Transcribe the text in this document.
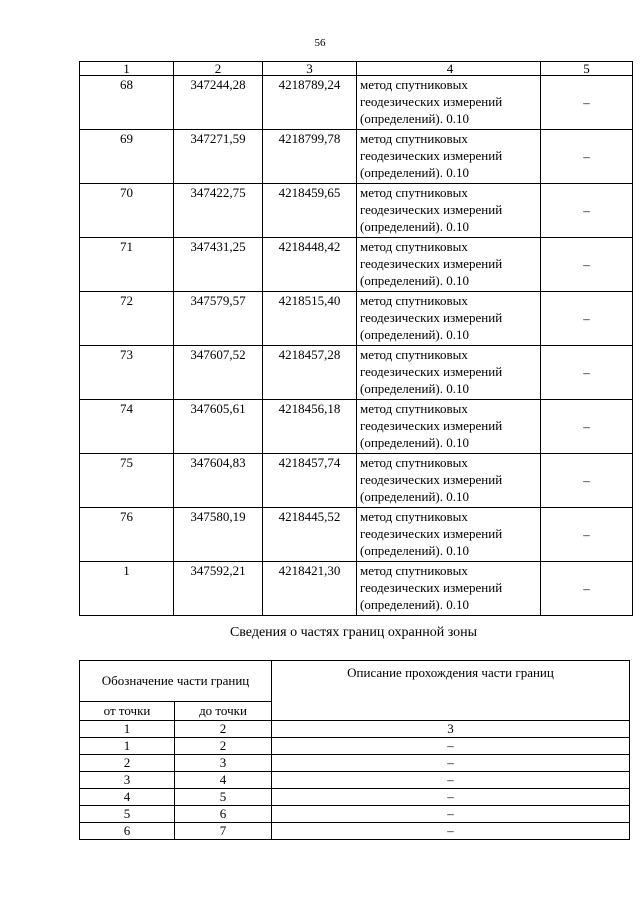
56
1	2	3	4	5
68	347244,28	4218789,24	метод спутниковых
геодезических измерений
(определений). 0.10	–
69	347271,59	4218799,78	метод спутниковых
геодезических измерений
(определений). 0.10	–
70	347422,75	4218459,65	метод спутниковых
геодезических измерений
(определений). 0.10	–
71	347431,25	4218448,42	метод спутниковых
геодезических измерений
(определений). 0.10	–
72	347579,57	4218515,40	метод спутниковых
геодезических измерений
(определений). 0.10	–
73	347607,52	4218457,28	метод спутниковых
геодезических измерений
(определений). 0.10	–
74	347605,61	4218456,18	метод спутниковых
геодезических измерений
(определений). 0.10	–
75	347604,83	4218457,74	метод спутниковых
геодезических измерений
(определений). 0.10	–
76	347580,19	4218445,52	метод спутниковых
геодезических измерений
(определений). 0.10	–
1	347592,21	4218421,30	метод спутниковых
геодезических измерений
(определений). 0.10	–
Сведения о частях границ охранной зоны
Обозначение части границ		Описание прохождения части границ
от точки	до точки	
1	2	3
1	2	–
2	3	–
3	4	–
4	5	–
5	6	–
6	7	–
